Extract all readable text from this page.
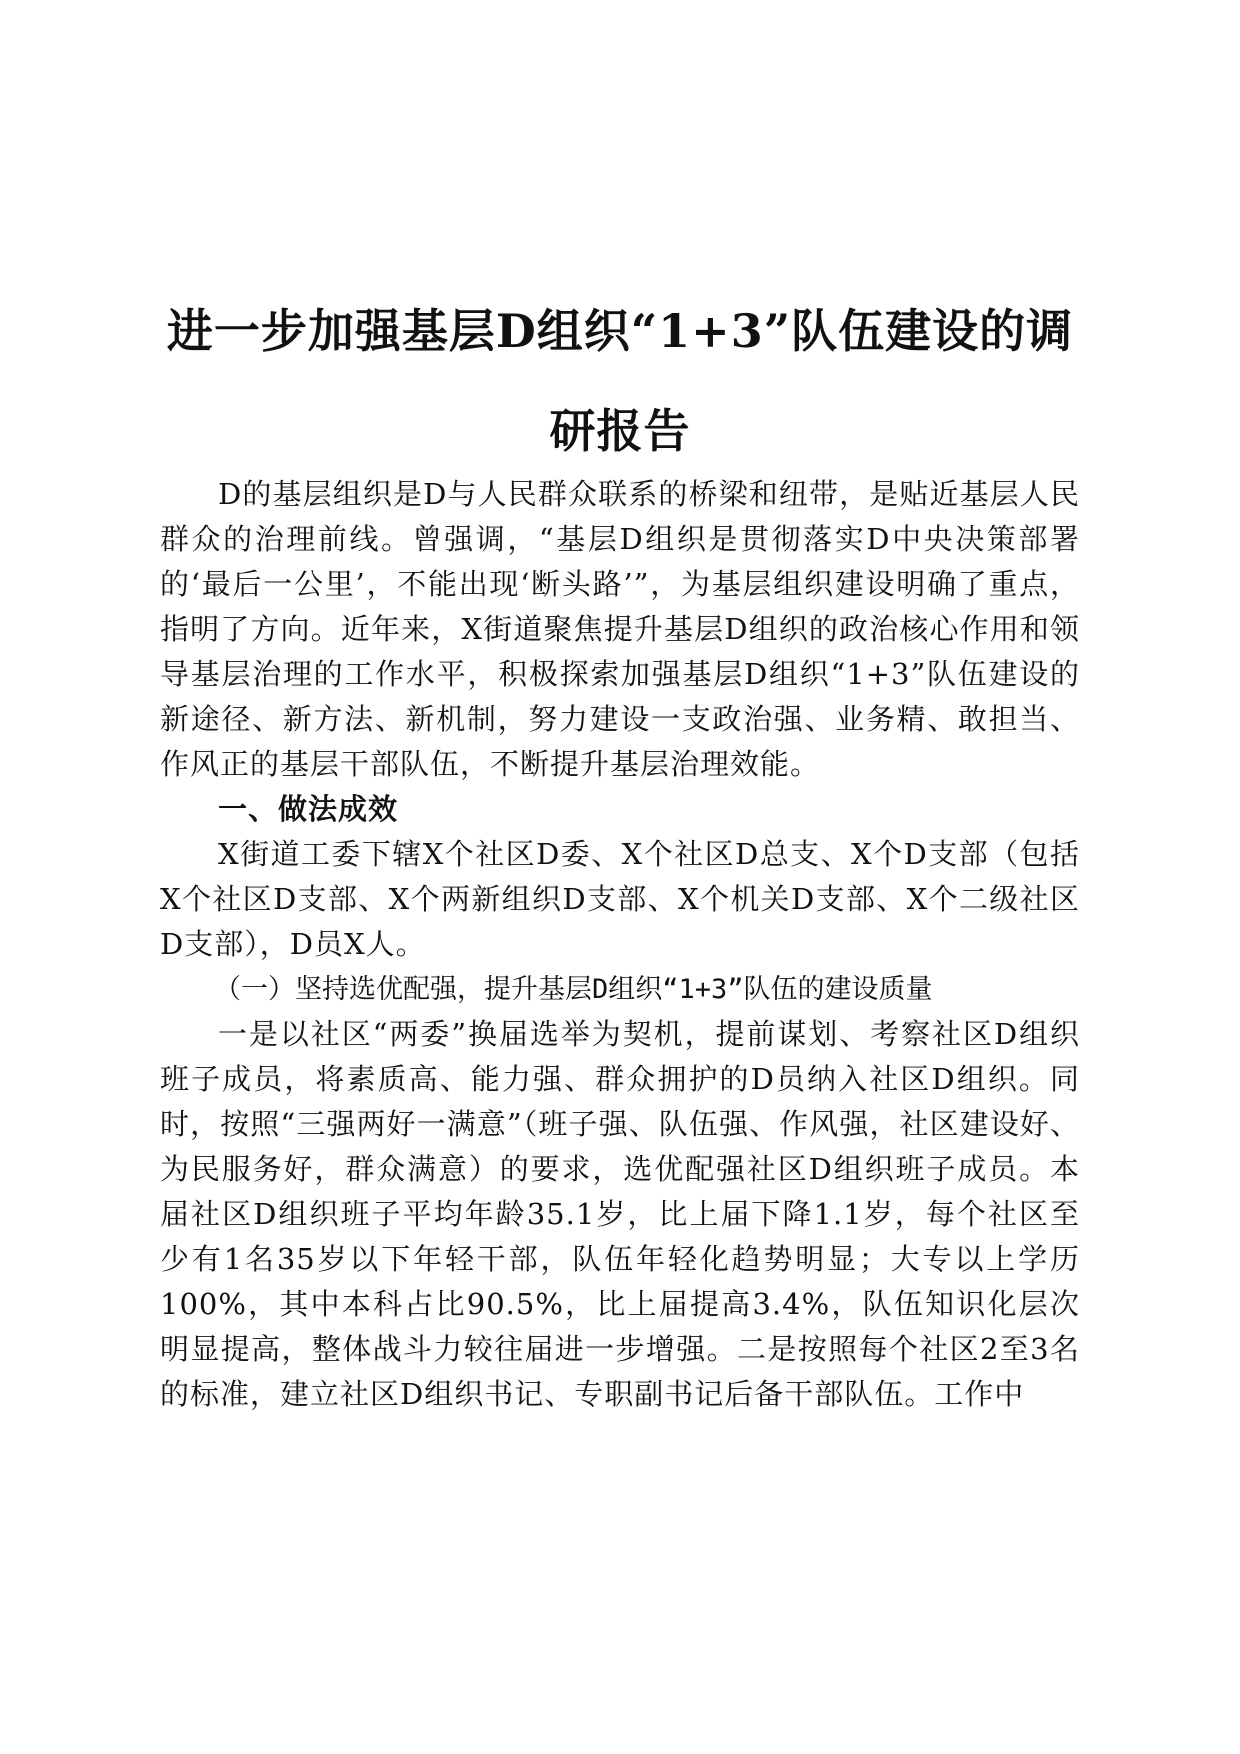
进一步加强基层D组织“1+3”队伍建设的调
研报告

D的基层组织是D与人民群众联系的桥梁和纽带，是贴近基层人民群众的治理前线。曾强调，“基层D组织是贯彻落实D中央决策部署的‘最后一公里’，不能出现‘断头路’”，为基层组织建设明确了重点，指明了方向。近年来，X街道聚焦提升基层D组织的政治核心作用和领导基层治理的工作水平，积极探索加强基层D组织“1+3”队伍建设的新途径、新方法、新机制，努力建设一支政治强、业务精、敢担当、作风正的基层干部队伍，不断提升基层治理效能。

一、做法成效

X街道工委下辖X个社区D委、X个社区D总支、X个D支部（包括X个社区D支部、X个两新组织D支部、X个机关D支部、X个二级社区D支部），D员X人。

（一）坚持选优配强，提升基层D组织“1+3”队伍的建设质量

一是以社区“两委”换届选举为契机，提前谋划、考察社区D组织班子成员，将素质高、能力强、群众拥护的D员纳入社区D组织。同时，按照“三强两好一满意”（班子强、队伍强、作风强，社区建设好、为民服务好，群众满意）的要求，选优配强社区D组织班子成员。本届社区D组织班子平均年龄35.1岁，比上届下降1.1岁，每个社区至少有1名35岁以下年轻干部，队伍年轻化趋势明显；大专以上学历100%，其中本科占比90.5%，比上届提高3.4%，队伍知识化层次明显提高，整体战斗力较往届进一步增强。二是按照每个社区2至3名的标准，建立社区D组织书记、专职副书记后备干部队伍。工作中
